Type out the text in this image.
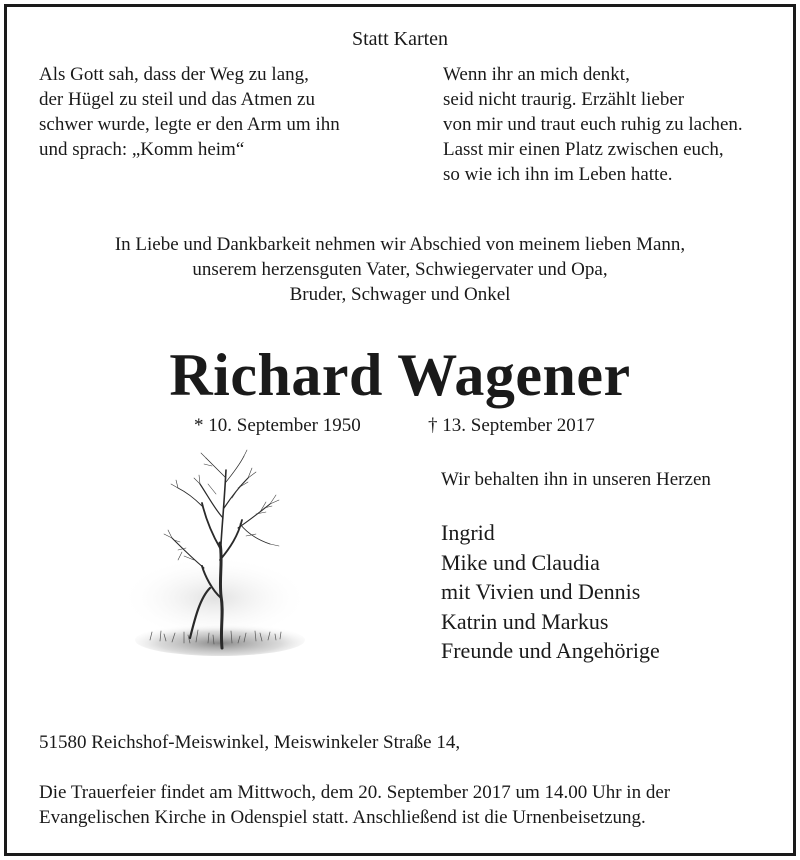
Statt Karten
Als Gott sah, dass der Weg zu lang,
der Hügel zu steil und das Atmen zu
schwer wurde, legte er den Arm um ihn
und sprach: „Komm heim“
Wenn ihr an mich denkt,
seid nicht traurig. Erzählt lieber
von mir und traut euch ruhig zu lachen.
Lasst mir einen Platz zwischen euch,
so wie ich ihn im Leben hatte.
In Liebe und Dankbarkeit nehmen wir Abschied von meinem lieben Mann,
unserem herzensguten Vater, Schwiegervater und Opa,
Bruder, Schwager und Onkel
Richard Wagener
* 10. September 1950	† 13. September 2017
Wir behalten ihn in unseren Herzen
Ingrid
Mike und Claudia
mit Vivien und Dennis
Katrin und Markus
Freunde und Angehörige
51580 Reichshof-Meiswinkel, Meiswinkeler Straße 14,
Die Trauerfeier findet am Mittwoch, dem 20. September 2017 um 14.00 Uhr in der
Evangelischen Kirche in Odenspiel statt. Anschließend ist die Urnenbeisetzung.
